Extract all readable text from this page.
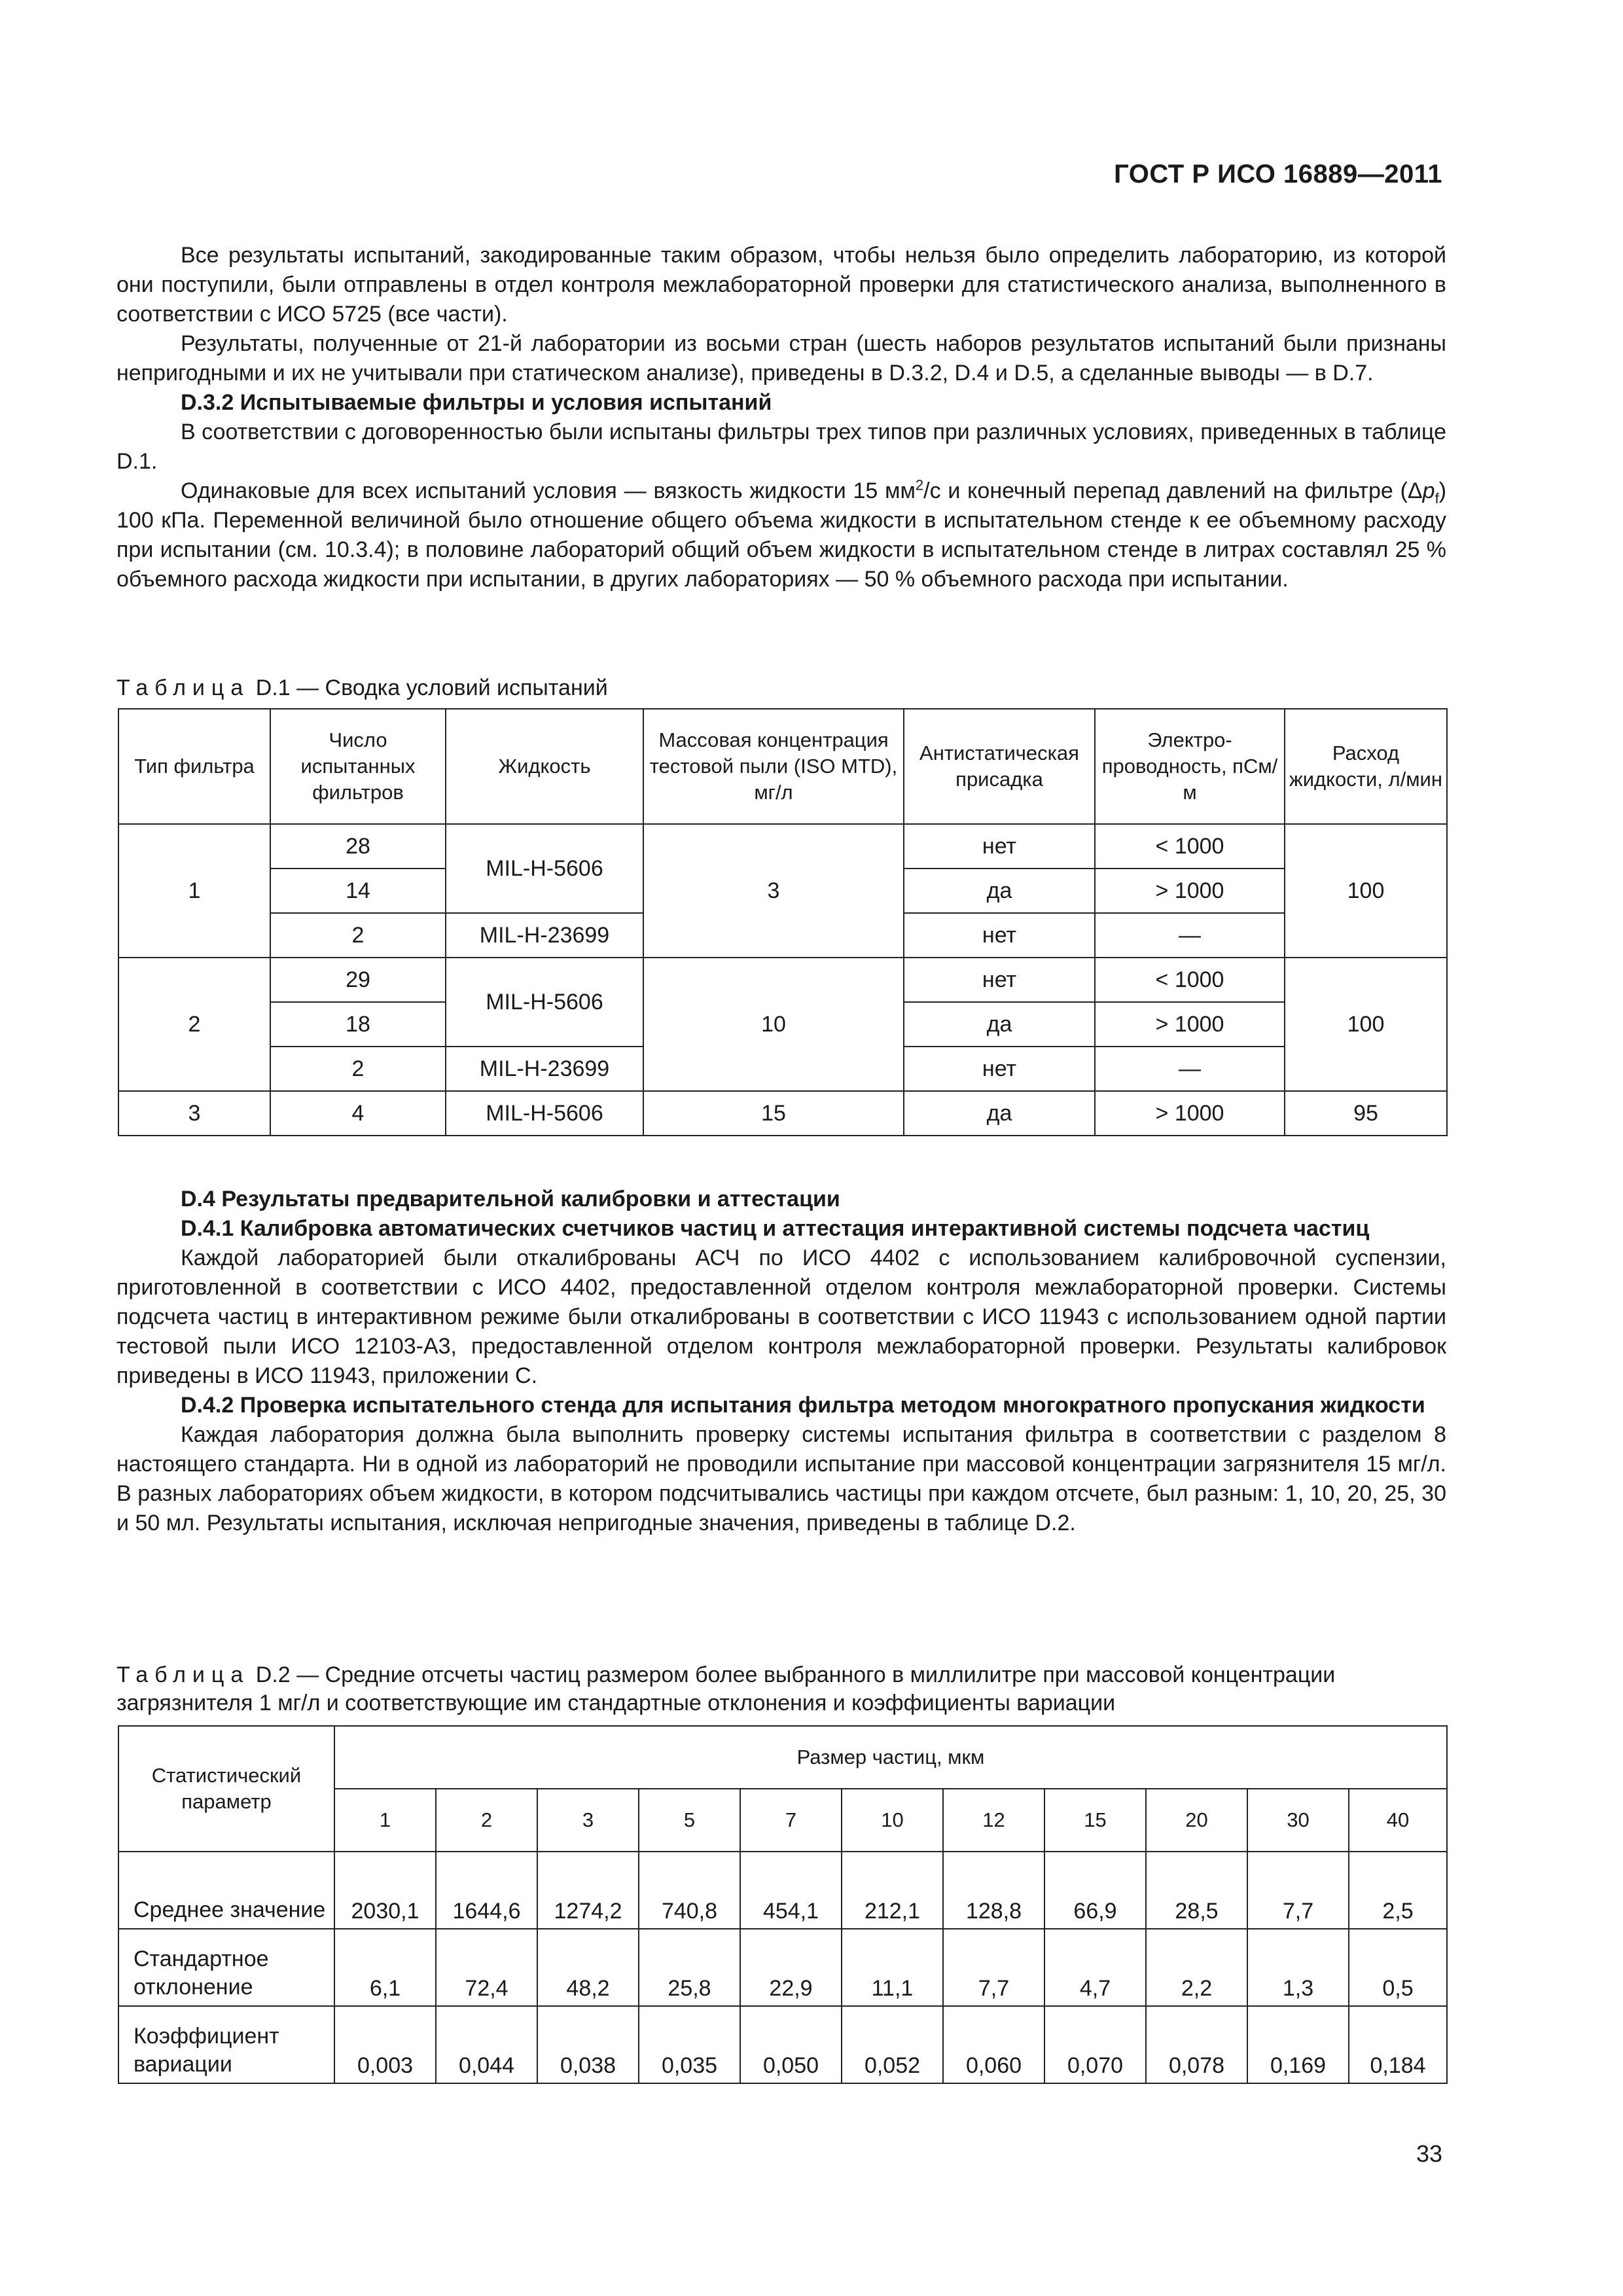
ГОСТ Р ИСО 16889—2011

Все результаты испытаний, закодированные таким образом, чтобы нельзя было определить лабораторию, из которой они поступили, были отправлены в отдел контроля межлабораторной проверки для статистического анализа, выполненного в соответствии с ИСО 5725 (все части).

Результаты, полученные от 21-й лаборатории из восьми стран (шесть наборов результатов испытаний были признаны непригодными и их не учитывали при статическом анализе), приведены в D.3.2, D.4 и D.5, а сделанные выводы — в D.7.

D.3.2 Испытываемые фильтры и условия испытаний

В соответствии с договоренностью были испытаны фильтры трех типов при различных условиях, приведенных в таблице D.1.

Одинаковые для всех испытаний условия — вязкость жидкости 15 $мм^2/с$ и конечный перепад давлений на фильтре $(\Delta p_f)$ 100 кПа. Переменной величиной было отношение общего объема жидкости в испытательном стенде к ее объемному расходу при испытании (см. 10.3.4); в половине лабораторий общий объем жидкости в испытательном стенде в литрах составлял 25 % объемного расхода жидкости при испытании, в других лабораториях — 50 % объемного расхода при испытании.

Таблица D.1 — Сводка условий испытаний
Тип фильтра	Число испытанных фильтров	Жидкость	Массовая концентрация тестовой пыли (ISO MTD), мг/л	Антистатическая присадка	Электро-проводность, пСм/м	Расход жидкости, л/мин
1	28	MIL-H-5606	3	нет	< 1000	100
	14			да	> 1000	
	2	MIL-H-23699		нет	—	
2	29	MIL-H-5606	10	нет	< 1000	100
	18			да	> 1000	
	2	MIL-H-23699		нет	—	
3	4	MIL-H-5606	15	да	> 1000	95

D.4 Результаты предварительной калибровки и аттестации

D.4.1 Калибровка автоматических счетчиков частиц и аттестация интерактивной системы подсчета частиц

Каждой лабораторией были откалиброваны АСЧ по ИСО 4402 с использованием калибровочной суспензии, приготовленной в соответствии с ИСО 4402, предоставленной отделом контроля межлабораторной проверки. Системы подсчета частиц в интерактивном режиме были откалиброваны в соответствии с ИСО 11943 с использованием одной партии тестовой пыли ИСО 12103-A3, предоставленной отделом контроля межлабораторной проверки. Результаты калибровок приведены в ИСО 11943, приложении С.

D.4.2 Проверка испытательного стенда для испытания фильтра методом многократного пропускания жидкости

Каждая лаборатория должна была выполнить проверку системы испытания фильтра в соответствии с разделом 8 настоящего стандарта. Ни в одной из лабораторий не проводили испытание при массовой концентрации загрязнителя 15 мг/л. В разных лабораториях объем жидкости, в котором подсчитывались частицы при каждом отсчете, был разным: 1, 10, 20, 25, 30 и 50 мл. Результаты испытания, исключая непригодные значения, приведены в таблице D.2.

Таблица D.2 — Средние отсчеты частиц размером более выбранного в миллилитре при массовой концентрации загрязнителя 1 мг/л и соответствующие им стандартные отклонения и коэффициенты вариации
Статистический параметр	Размер частиц, мкм										
	1	2	3	5	7	10	12	15	20	30	40
Среднее значение	2030,1	1644,6	1274,2	740,8	454,1	212,1	128,8	66,9	28,5	7,7	2,5
Стандартное отклонение	6,1	72,4	48,2	25,8	22,9	11,1	7,7	4,7	2,2	1,3	0,5
Коэффициент вариации	0,003	0,044	0,038	0,035	0,050	0,052	0,060	0,070	0,078	0,169	0,184
33
